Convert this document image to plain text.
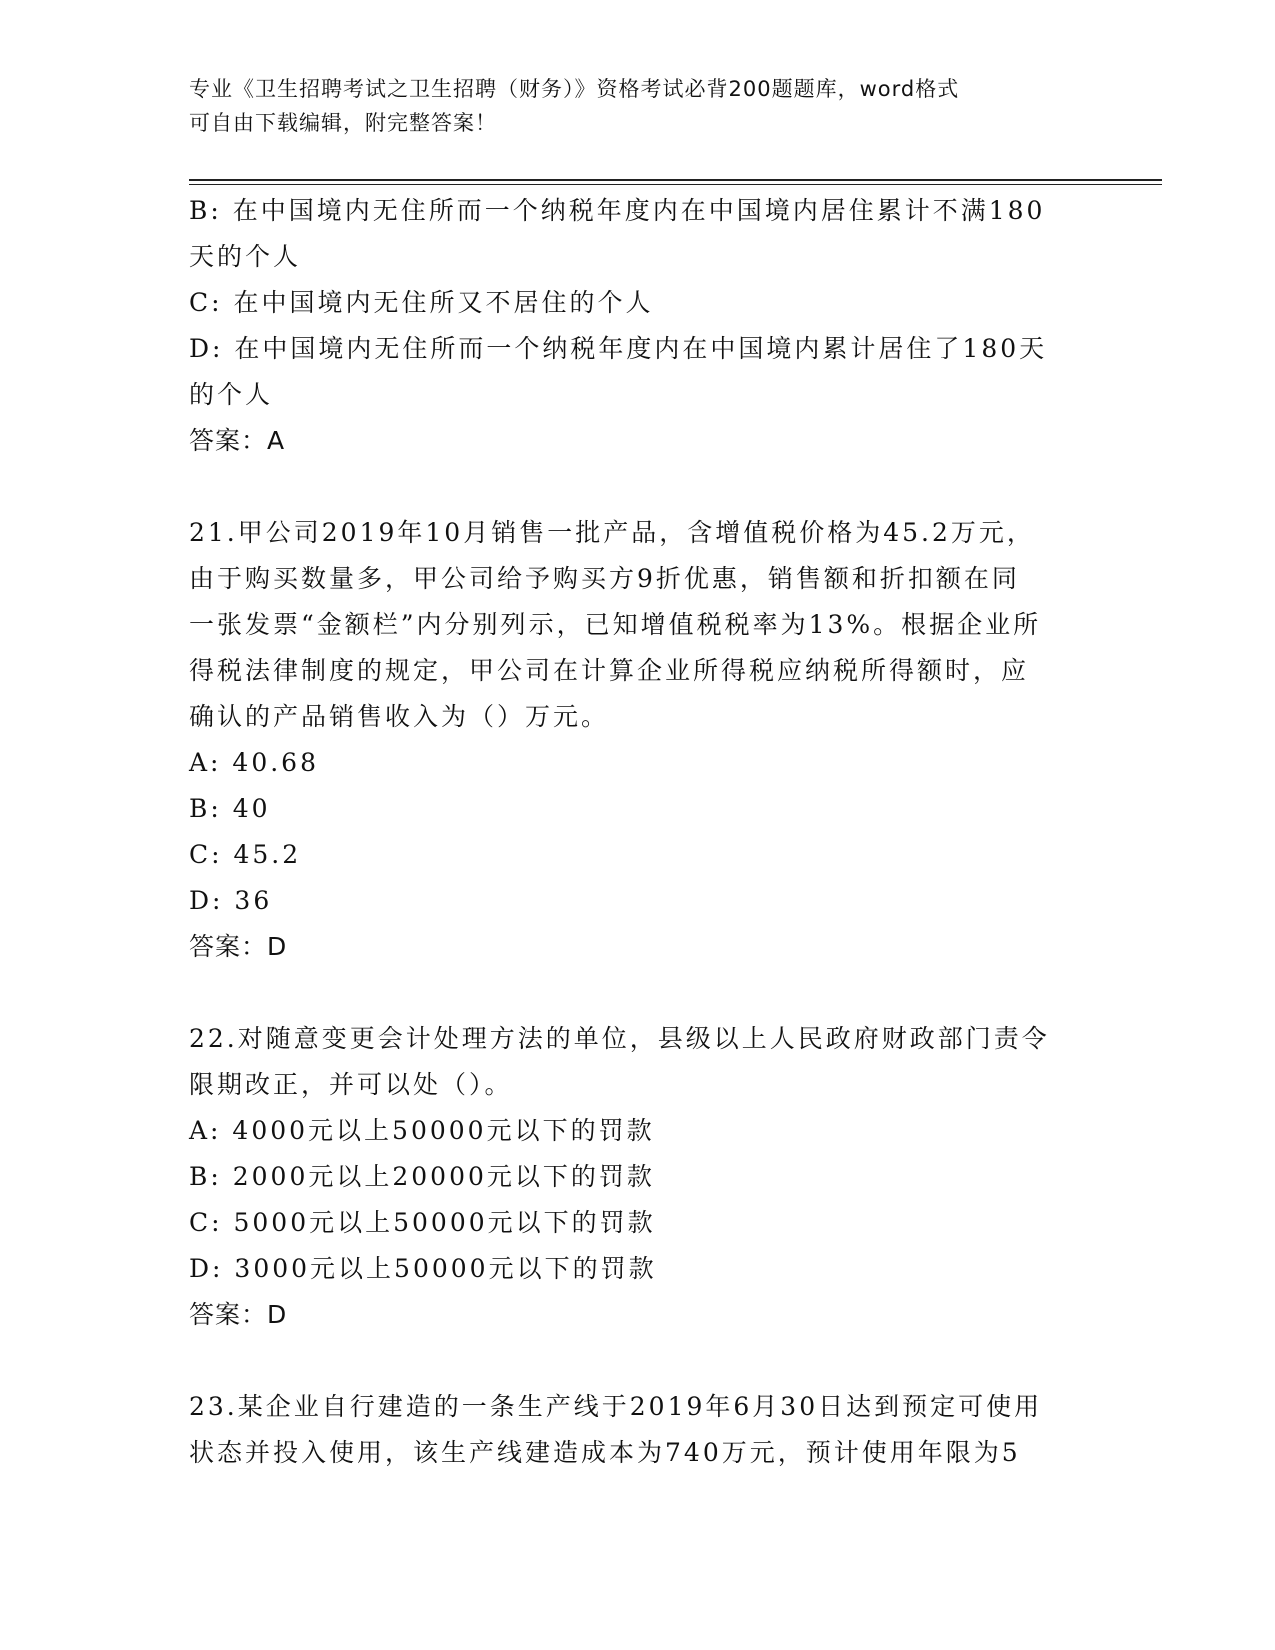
专业《卫生招聘考试之卫生招聘（财务）》资格考试必背200题题库，word格式
可自由下载编辑，附完整答案！
B: 在中国境内无住所而一个纳税年度内在中国境内居住累计不满180
天的个人
C: 在中国境内无住所又不居住的个人
D: 在中国境内无住所而一个纳税年度内在中国境内累计居住了180天
的个人
答案：A
21.甲公司2019年10月销售一批产品，含增值税价格为45.2万元，
由于购买数量多，甲公司给予购买方9折优惠，销售额和折扣额在同
一张发票“金额栏”内分别列示，已知增值税税率为13%。根据企业所
得税法律制度的规定，甲公司在计算企业所得税应纳税所得额时，应
确认的产品销售收入为（）万元。
A: 40.68
B: 40
C: 45.2
D: 36
答案：D
22.对随意变更会计处理方法的单位，县级以上人民政府财政部门责令
限期改正，并可以处（）。
A: 4000元以上50000元以下的罚款
B: 2000元以上20000元以下的罚款
C: 5000元以上50000元以下的罚款
D: 3000元以上50000元以下的罚款
答案：D
23.某企业自行建造的一条生产线于2019年6月30日达到预定可使用
状态并投入使用，该生产线建造成本为740万元，预计使用年限为5
